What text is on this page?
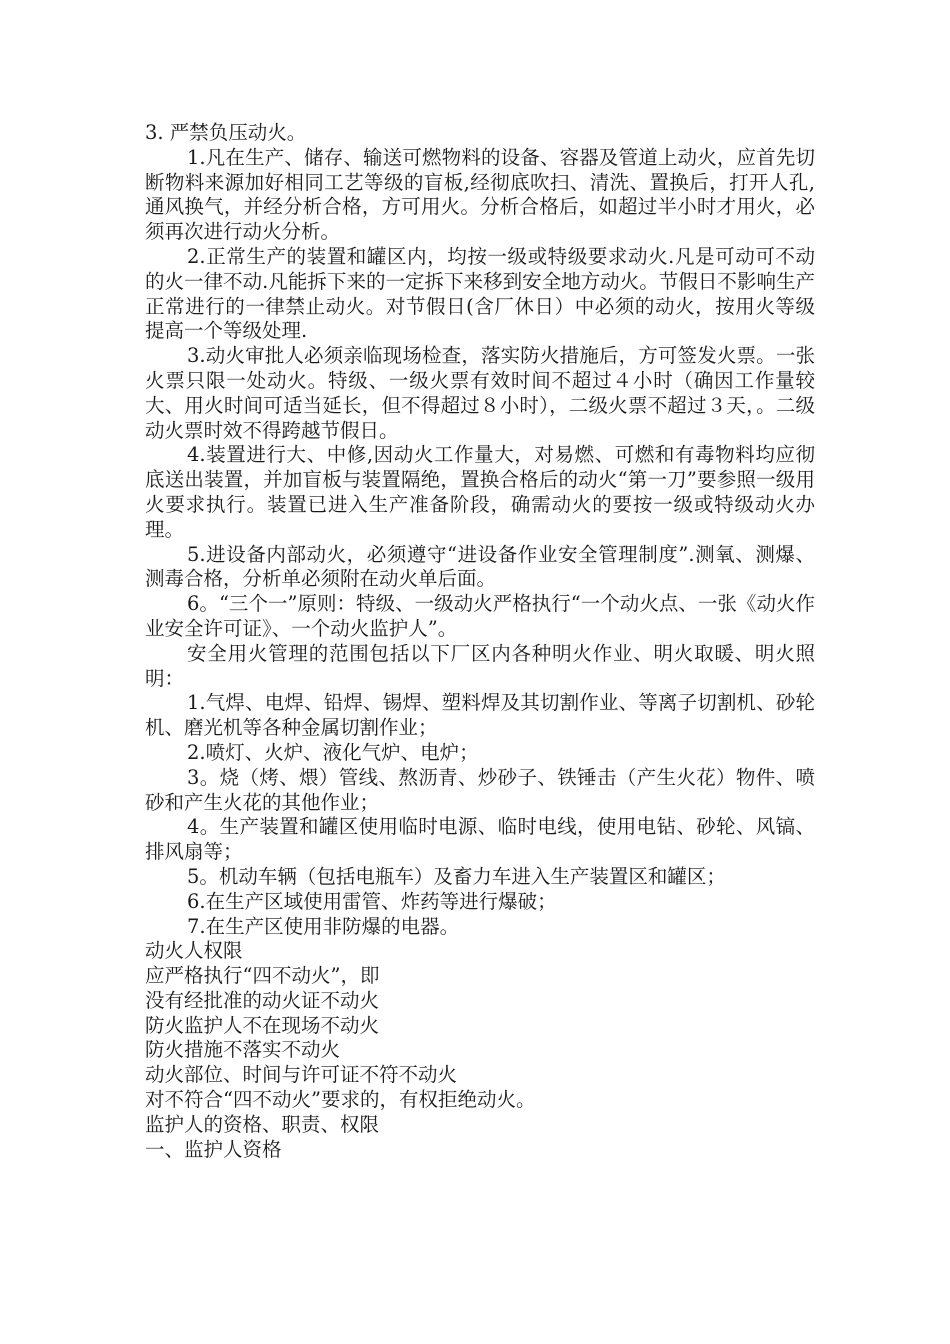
3. 严禁负压动火。

1.凡在生产、储存、输送可燃物料的设备、容器及管道上动火，应首先切断物料来源加好相同工艺等级的盲板,经彻底吹扫、清洗、置换后，打开人孔,通风换气，并经分析合格，方可用火。分析合格后，如超过半小时才用火，必须再次进行动火分析。

2.正常生产的装置和罐区内，均按一级或特级要求动火.凡是可动可不动的火一律不动.凡能拆下来的一定拆下来移到安全地方动火。节假日不影响生产正常进行的一律禁止动火。对节假日(含厂休日）中必须的动火，按用火等级提高一个等级处理.

3.动火审批人必须亲临现场检查，落实防火措施后，方可签发火票。一张火票只限一处动火。特级、一级火票有效时间不超过４小时（确因工作量较大、用火时间可适当延长，但不得超过８小时），二级火票不超过３天，。二级动火票时效不得跨越节假日。

4.装置进行大、中修,因动火工作量大，对易燃、可燃和有毒物料均应彻底送出装置，并加盲板与装置隔绝，置换合格后的动火“第一刀”要参照一级用火要求执行。装置已进入生产准备阶段，确需动火的要按一级或特级动火办理。

5.进设备内部动火，必须遵守“进设备作业安全管理制度”.测氧、测爆、测毒合格，分析单必须附在动火单后面。

6。“三个一”原则：特级、一级动火严格执行“一个动火点、一张《动火作业安全许可证》、一个动火监护人”。

安全用火管理的范围包括以下厂区内各种明火作业、明火取暖、明火照明：

1.气焊、电焊、铅焊、锡焊、塑料焊及其切割作业、等离子切割机、砂轮机、磨光机等各种金属切割作业；

2.喷灯、火炉、液化气炉、电炉；

3。烧（烤、煨）管线、熬沥青、炒砂子、铁锤击（产生火花）物件、喷砂和产生火花的其他作业；

4。生产装置和罐区使用临时电源、临时电线，使用电钻、砂轮、风镐、排风扇等；

5。机动车辆（包括电瓶车）及畜力车进入生产装置区和罐区；

6.在生产区域使用雷管、炸药等进行爆破；

7.在生产区使用非防爆的电器。

动火人权限

应严格执行“四不动火”，即

没有经批准的动火证不动火

防火监护人不在现场不动火

防火措施不落实不动火

动火部位、时间与许可证不符不动火

对不符合“四不动火”要求的，有权拒绝动火。

监护人的资格、职责、权限

一、监护人资格
